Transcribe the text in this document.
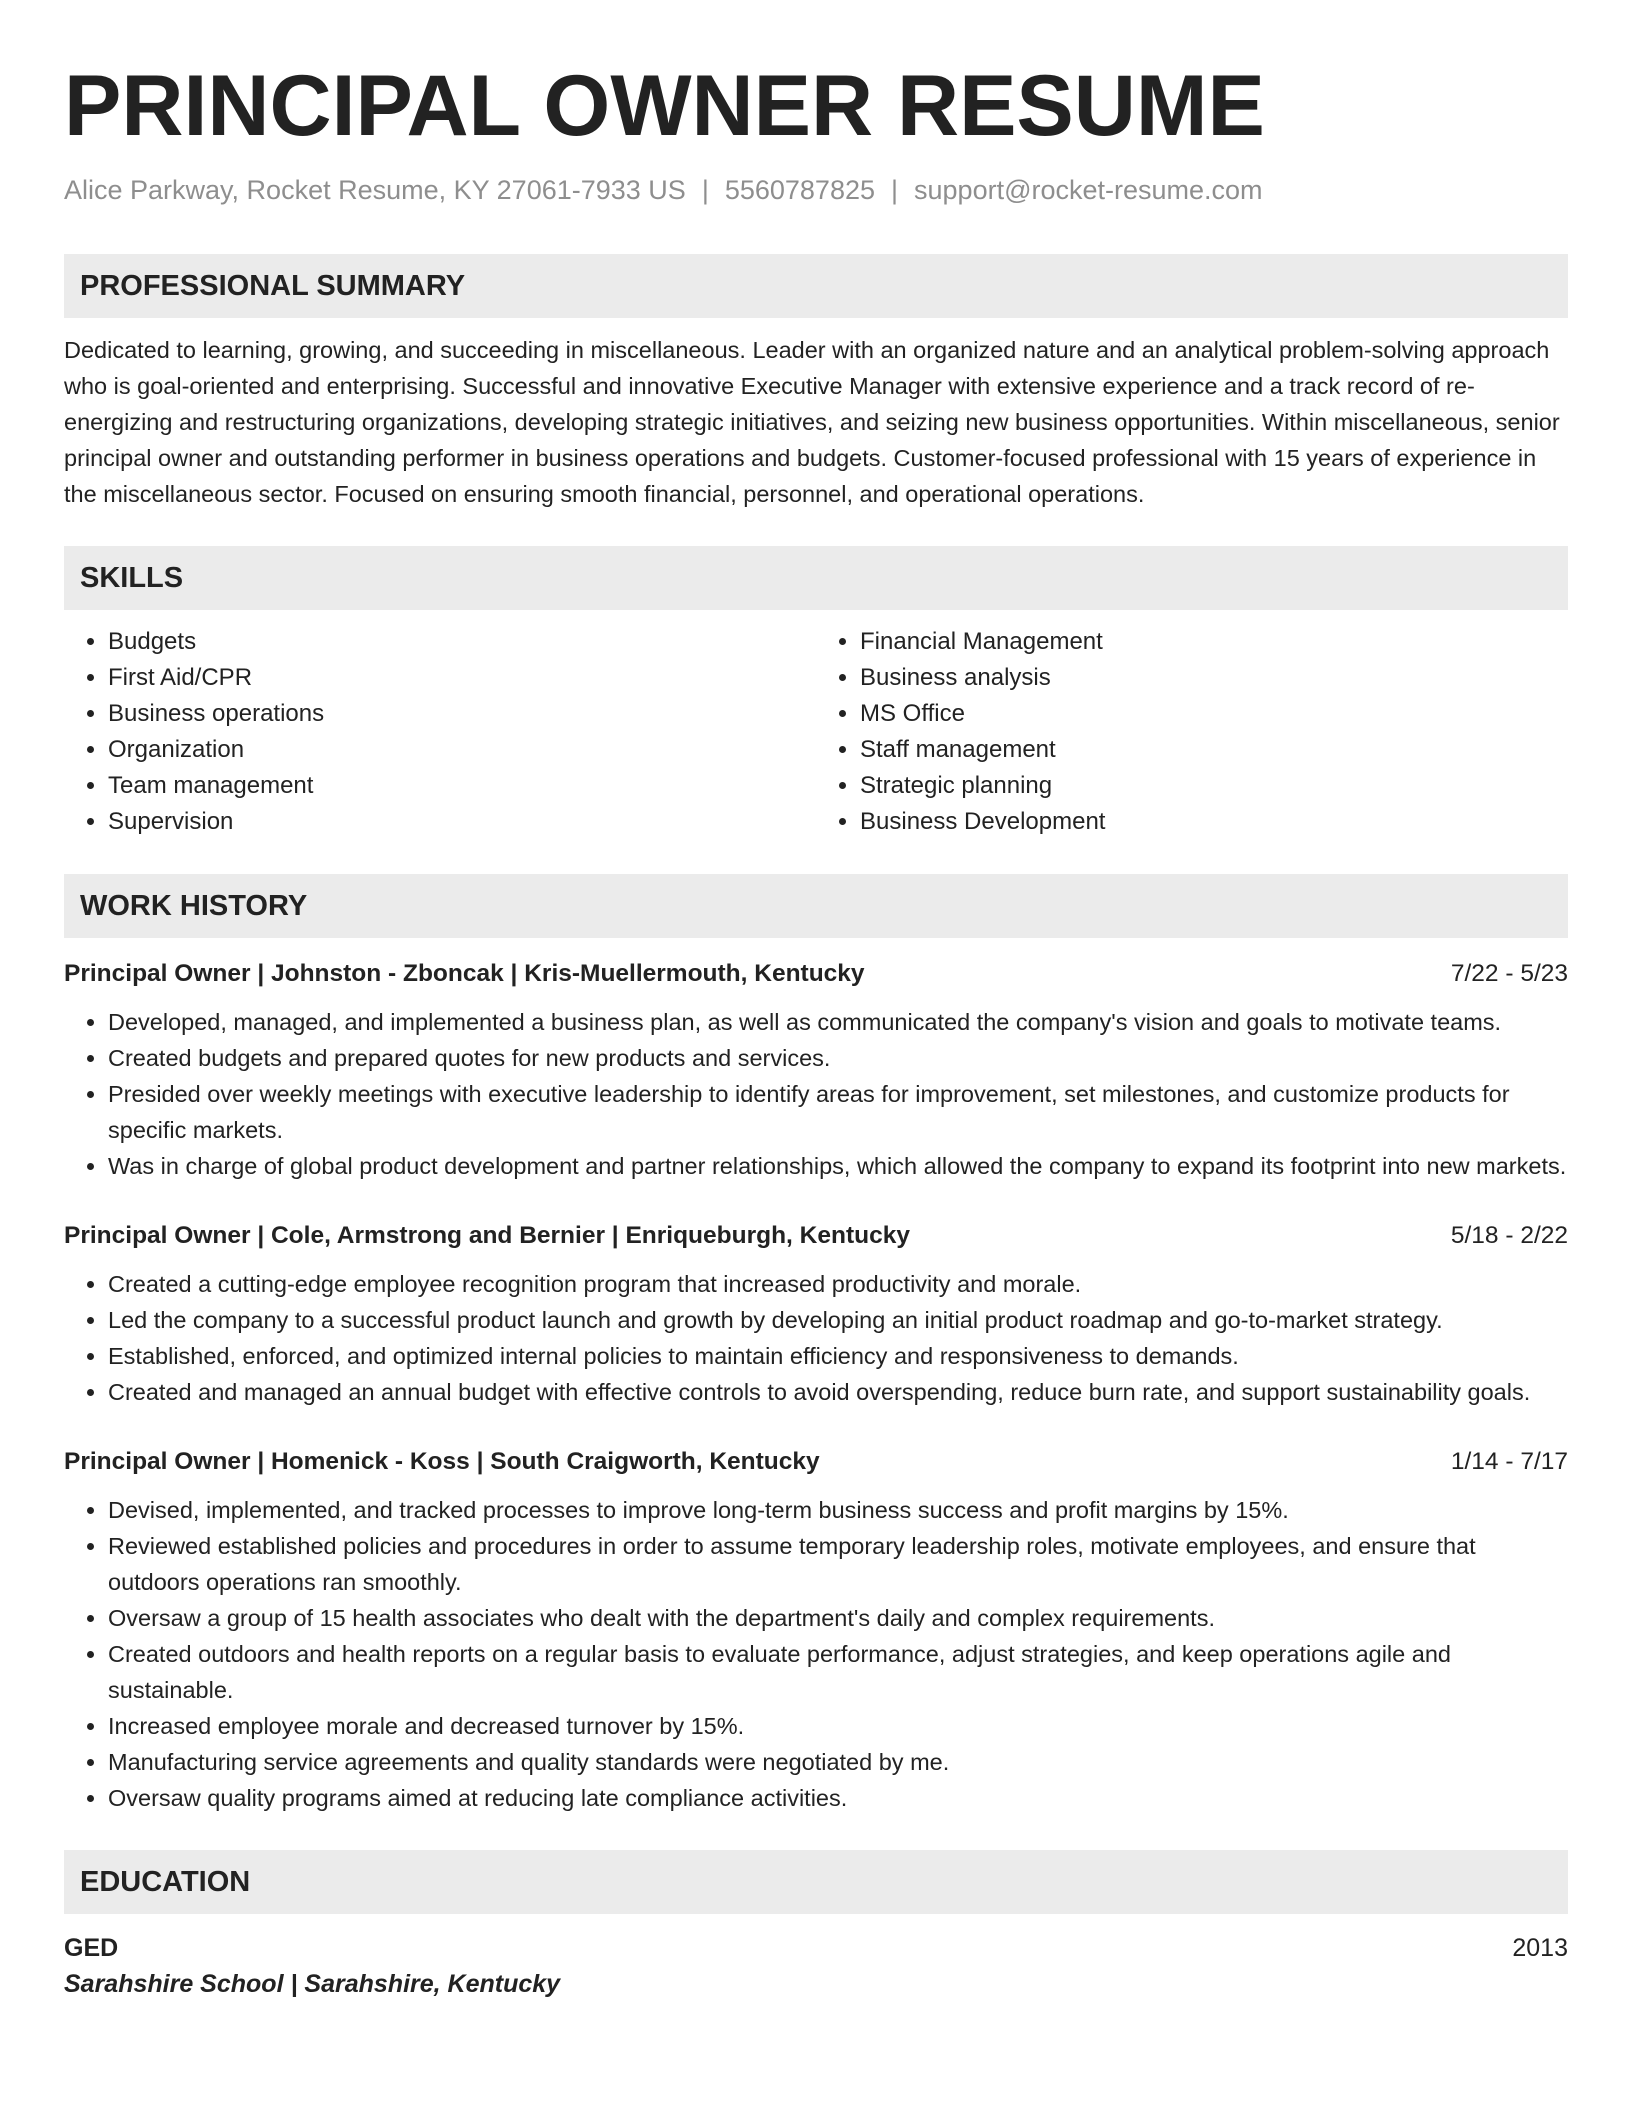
PRINCIPAL OWNER RESUME
Alice Parkway, Rocket Resume, KY 27061-7933 US | 5560787825 | support@rocket-resume.com
PROFESSIONAL SUMMARY

Dedicated to learning, growing, and succeeding in miscellaneous. Leader with an organized nature and an analytical problem-solving approach who is goal-oriented and enterprising. Successful and innovative Executive Manager with extensive experience and a track record of re-energizing and restructuring organizations, developing strategic initiatives, and seizing new business opportunities. Within miscellaneous, senior principal owner and outstanding performer in business operations and budgets. Customer-focused professional with 15 years of experience in the miscellaneous sector. Focused on ensuring smooth financial, personnel, and operational operations.

SKILLS
• Budgets
• First Aid/CPR
• Business operations
• Organization
• Team management
• Supervision
• Financial Management
• Business analysis
• MS Office
• Staff management
• Strategic planning
• Business Development
WORK HISTORY
Principal Owner | Johnston - Zboncak | Kris-Muellermouth, Kentucky	7/22 - 5/23
• Developed, managed, and implemented a business plan, as well as communicated the company's vision and goals to motivate teams.
• Created budgets and prepared quotes for new products and services.
• Presided over weekly meetings with executive leadership to identify areas for improvement, set milestones, and customize products for specific markets.
• Was in charge of global product development and partner relationships, which allowed the company to expand its footprint into new markets.
Principal Owner | Cole, Armstrong and Bernier | Enriqueburgh, Kentucky	5/18 - 2/22
• Created a cutting-edge employee recognition program that increased productivity and morale.
• Led the company to a successful product launch and growth by developing an initial product roadmap and go-to-market strategy.
• Established, enforced, and optimized internal policies to maintain efficiency and responsiveness to demands.
• Created and managed an annual budget with effective controls to avoid overspending, reduce burn rate, and support sustainability goals.
Principal Owner | Homenick - Koss | South Craigworth, Kentucky	1/14 - 7/17
• Devised, implemented, and tracked processes to improve long-term business success and profit margins by 15%.
• Reviewed established policies and procedures in order to assume temporary leadership roles, motivate employees, and ensure that outdoors operations ran smoothly.
• Oversaw a group of 15 health associates who dealt with the department's daily and complex requirements.
• Created outdoors and health reports on a regular basis to evaluate performance, adjust strategies, and keep operations agile and sustainable.
• Increased employee morale and decreased turnover by 15%.
• Manufacturing service agreements and quality standards were negotiated by me.
• Oversaw quality programs aimed at reducing late compliance activities.
EDUCATION
GED	2013
Sarahshire School | Sarahshire, Kentucky
